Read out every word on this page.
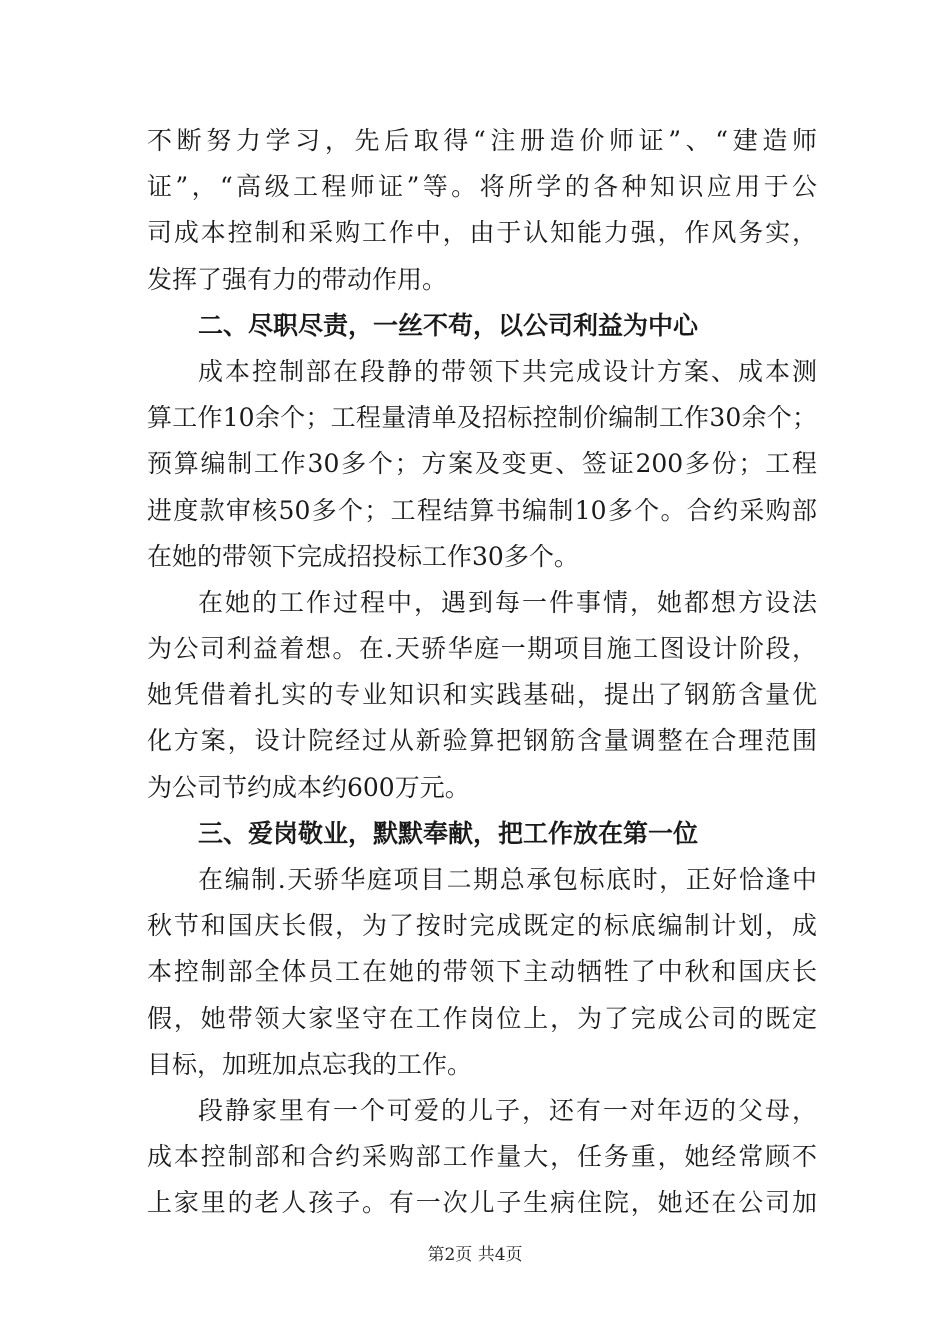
不断努力学习，先后取得“注册造价师证”、“建造师
证”，“高级工程师证”等。将所学的各种知识应用于公
司成本控制和采购工作中，由于认知能力强，作风务实，
发挥了强有力的带动作用。
二、尽职尽责，一丝不苟，以公司利益为中心
成本控制部在段静的带领下共完成设计方案、成本测
算工作10余个；工程量清单及招标控制价编制工作30余个；
预算编制工作30多个；方案及变更、签证200多份；工程
进度款审核50多个；工程结算书编制10多个。合约采购部
在她的带领下完成招投标工作30多个。
在她的工作过程中，遇到每一件事情，她都想方设法
为公司利益着想。在.天骄华庭一期项目施工图设计阶段，
她凭借着扎实的专业知识和实践基础，提出了钢筋含量优
化方案，设计院经过从新验算把钢筋含量调整在合理范围
为公司节约成本约600万元。
三、爱岗敬业，默默奉献，把工作放在第一位
在编制.天骄华庭项目二期总承包标底时，正好恰逢中
秋节和国庆长假，为了按时完成既定的标底编制计划，成
本控制部全体员工在她的带领下主动牺牲了中秋和国庆长
假，她带领大家坚守在工作岗位上，为了完成公司的既定
目标，加班加点忘我的工作。
段静家里有一个可爱的儿子，还有一对年迈的父母，
成本控制部和合约采购部工作量大，任务重，她经常顾不
上家里的老人孩子。有一次儿子生病住院，她还在公司加
第2页 共4页
